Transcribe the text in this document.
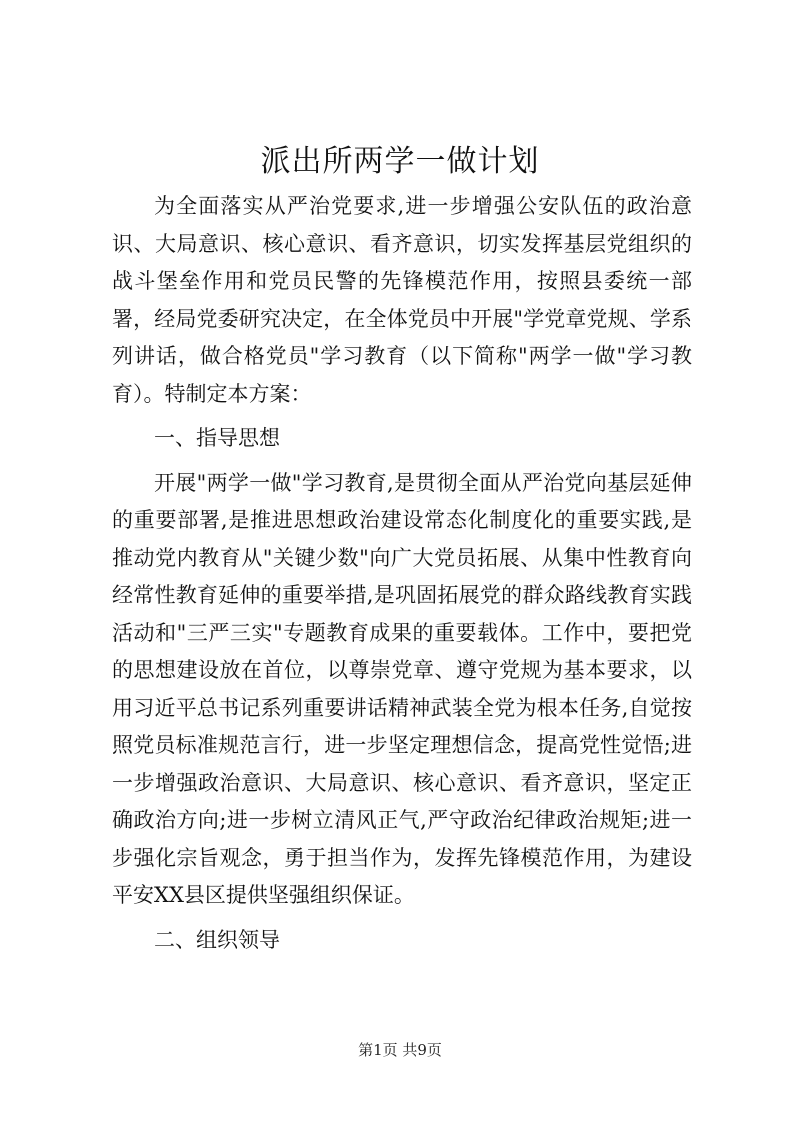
派出所两学一做计划

为全面落实从严治党要求,进一步增强公安队伍的政治意识、大局意识、核心意识、看齐意识，切实发挥基层党组织的战斗堡垒作用和党员民警的先锋模范作用，按照县委统一部署，经局党委研究决定，在全体党员中开展"学党章党规、学系列讲话，做合格党员"学习教育（以下简称"两学一做"学习教育）。特制定本方案：

一、指导思想

开展"两学一做"学习教育,是贯彻全面从严治党向基层延伸的重要部署,是推进思想政治建设常态化制度化的重要实践,是推动党内教育从"关键少数"向广大党员拓展、从集中性教育向经常性教育延伸的重要举措,是巩固拓展党的群众路线教育实践活动和"三严三实"专题教育成果的重要载体。工作中，要把党的思想建设放在首位，以尊崇党章、遵守党规为基本要求，以用习近平总书记系列重要讲话精神武装全党为根本任务,自觉按照党员标准规范言行，进一步坚定理想信念，提高党性觉悟;进一步增强政治意识、大局意识、核心意识、看齐意识，坚定正确政治方向;进一步树立清风正气,严守政治纪律政治规矩;进一步强化宗旨观念，勇于担当作为，发挥先锋模范作用，为建设平安XX县区提供坚强组织保证。

二、组织领导
第1页 共9页
